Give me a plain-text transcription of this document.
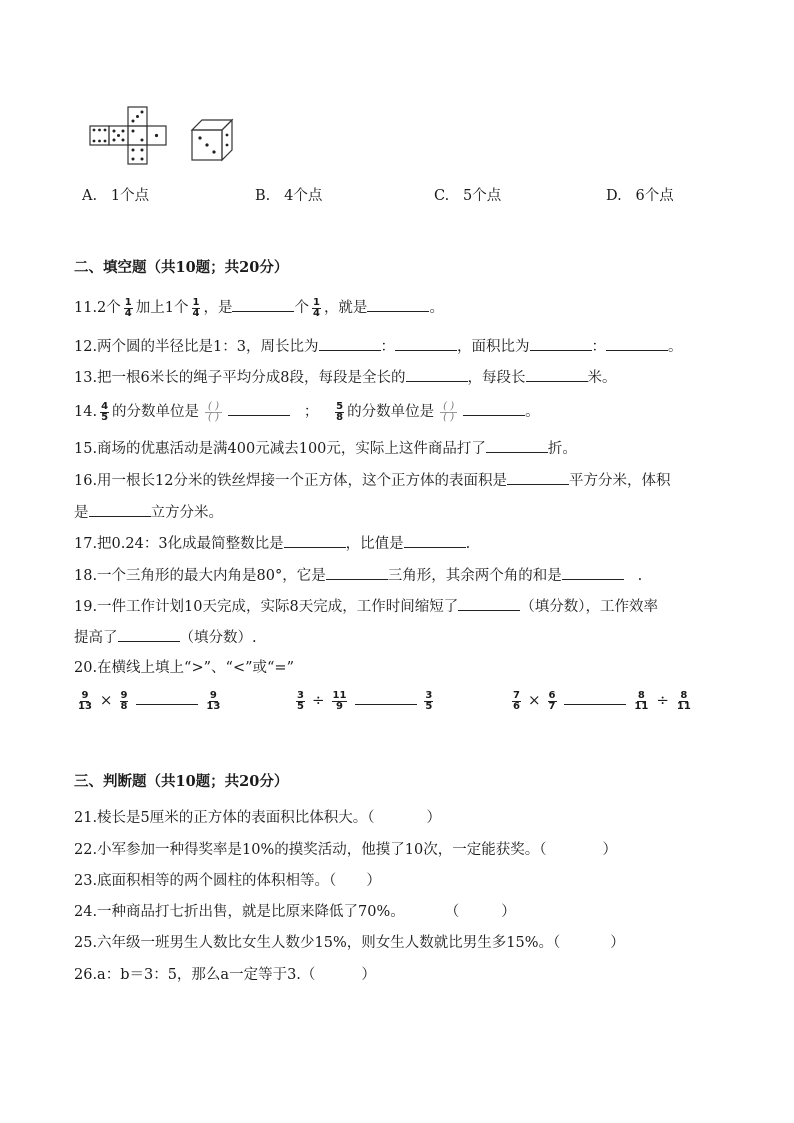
A. 1个点	B. 4个点	C. 5个点	D. 6个点
二、填空题（共10题；共20分）
11.2个 $\frac{1}{4}$ 加上1个 $\frac{1}{4}$ ，是	个 $\frac{1}{4}$ ，就是	。
12.两个圆的半径比是1：3，周长比为	：	，面积比为	：	。
13.把一根6米长的绳子平均分成8段，每段是全长的	，每段长	米。
14. $\frac{4}{5}$ 的分数单位是 $\frac{( )}{( )}$	； $\frac{5}{8}$ 的分数单位是 $\frac{( )}{( )}$	。
15.商场的优惠活动是满400元减去100元，实际上这件商品打了	折。
16.用一根长12分米的铁丝焊接一个正方体，这个正方体的表面积是	平方分米，体积
是	立方分米。
17.把0.24：3化成最简整数比是	，比值是	.
18.一个三角形的最大内角是80°，它是	三角形，其余两个角的和是	.
19.一件工作计划10天完成，实际8天完成，工作时间缩短了	（填分数），工作效率
提高了	（填分数）.
20.在横线上填上“>”、“<”或“=”
$\frac{9}{13} \times \frac{9}{8}$
	$\frac{9}{13}$	$\frac{3}{5} \div \frac{11}{9}$
	$\frac{3}{5}$	$\frac{7}{6} \times \frac{6}{7}$
	$\frac{8}{11} \div \frac{8}{11}$
三、判断题（共10题；共20分）
21.棱长是5厘米的正方体的表面积比体积大。（	）
22.小军参加一种得奖率是10%的摸奖活动，他摸了10次，一定能获奖。（	）
23.底面积相等的两个圆柱的体积相等。（ ）
24.一种商品打七折出售，就是比原来降低了70%。	（	）
25.六年级一班男生人数比女生人数少15%，则女生人数就比男生多15%。（	）
26.a：b＝3：5，那么a一定等于3.（	）
